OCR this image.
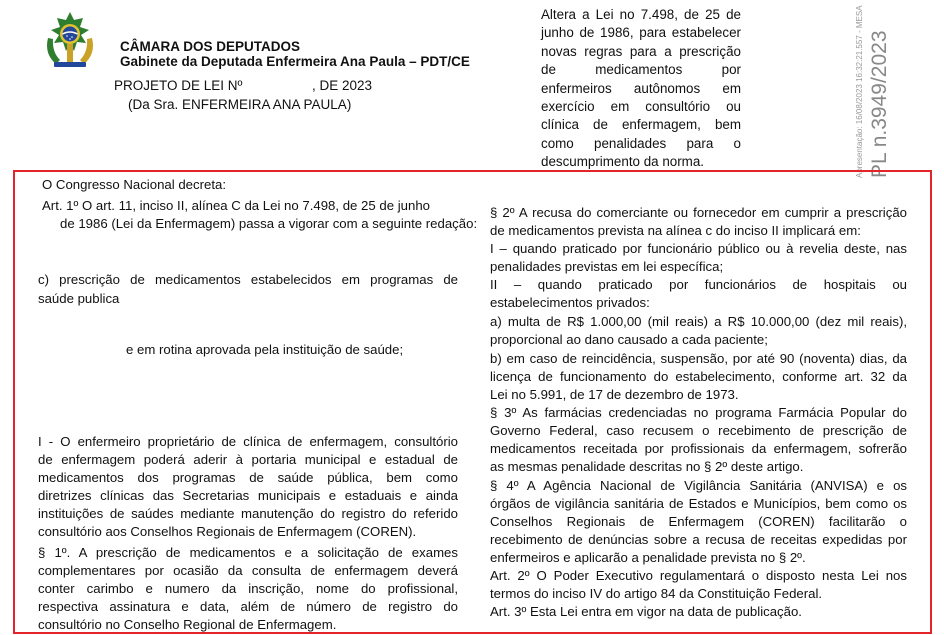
CÂMARA DOS DEPUTADOS
Gabinete da Deputada Enfermeira Ana Paula – PDT/CE
PROJETO DE LEI Nº	, DE 2023
(Da Sra. ENFERMEIRA ANA PAULA)
Altera a Lei no 7.498, de 25 de
junho de 1986, para estabelecer
novas regras para a prescrição
de medicamentos por
enfermeiros autônomos em
exercício em consultório ou
clínica de enfermagem, bem
como penalidades para o
descumprimento da norma.	Apresentação: 16/08/2023 16:32:21.557 - MESA PL n.3949/2023
O Congresso Nacional decreta:
Art. 1º O art. 11, inciso II, alínea C da Lei no 7.498, de 25 de junho
de 1986 (Lei da Enfermagem) passa a vigorar com a seguinte redação:
c) prescrição de medicamentos estabelecidos em programas de
saúde publica
e em rotina aprovada pela instituição de saúde;
I - O enfermeiro proprietário de clínica de enfermagem, consultório
de enfermagem poderá aderir à portaria municipal e estadual de
medicamentos dos programas de saúde pública, bem como
diretrizes clínicas das Secretarias municipais e estaduais e ainda
instituições de saúdes mediante manutenção do registro do referido
consultório aos Conselhos Regionais de Enfermagem (COREN).
§ 1º. A prescrição de medicamentos e a solicitação de exames
complementares por ocasião da consulta de enfermagem deverá
conter carimbo e numero da inscrição, nome do profissional,
respectiva assinatura e data, além de número de registro do
consultório no Conselho Regional de Enfermagem.
§ 2º A recusa do comerciante ou fornecedor em cumprir a prescrição
de medicamentos prevista na alínea c do inciso II implicará em:
I – quando praticado por funcionário público ou à revelia deste, nas
penalidades previstas em lei específica;
II – quando praticado por funcionários de hospitais ou
estabelecimentos privados:
a) multa de R$ 1.000,00 (mil reais) a R$ 10.000,00 (dez mil reais),
proporcional ao dano causado a cada paciente;
b) em caso de reincidência, suspensão, por até 90 (noventa) dias, da
licença de funcionamento do estabelecimento, conforme art. 32 da
Lei no 5.991, de 17 de dezembro de 1973.
§ 3º As farmácias credenciadas no programa Farmácia Popular do
Governo Federal, caso recusem o recebimento de prescrição de
medicamentos receitada por profissionais da enfermagem, sofrerão
as mesmas penalidade descritas no § 2º deste artigo.
§ 4º A Agência Nacional de Vigilância Sanitária (ANVISA) e os
órgãos de vigilância sanitária de Estados e Municípios, bem como os
Conselhos Regionais de Enfermagem (COREN) facilitarão o
recebimento de denúncias sobre a recusa de receitas expedidas por
enfermeiros e aplicarão a penalidade prevista no § 2º.
Art. 2º O Poder Executivo regulamentará o disposto nesta Lei nos
termos do inciso IV do artigo 84 da Constituição Federal.
Art. 3º Esta Lei entra em vigor na data de publicação.
